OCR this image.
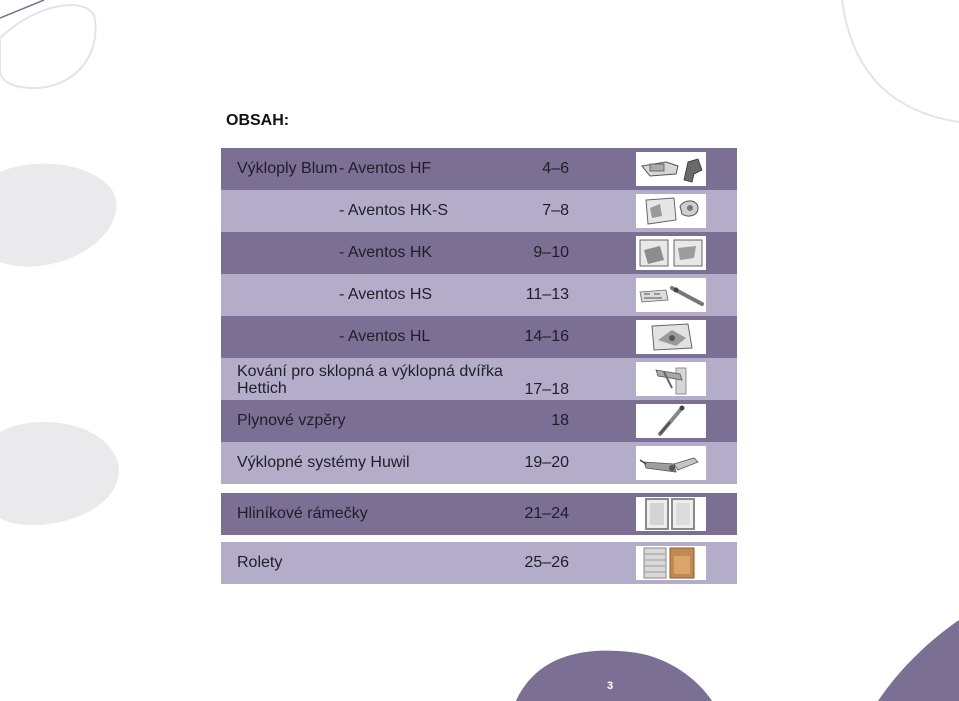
OBSAH:
Výkloply Blum - Aventos HF	4–6
- Aventos HK-S	7–8
- Aventos HK	9–10
- Aventos HS	11–13
- Aventos HL	14–16
Kování pro sklopná a výklopná dvířka
Hettich	17–18
Plynové vzpěry	18
Výklopné systémy Huwil	19–20
Hliníkové rámečky	21–24
Rolety	25–26
3
